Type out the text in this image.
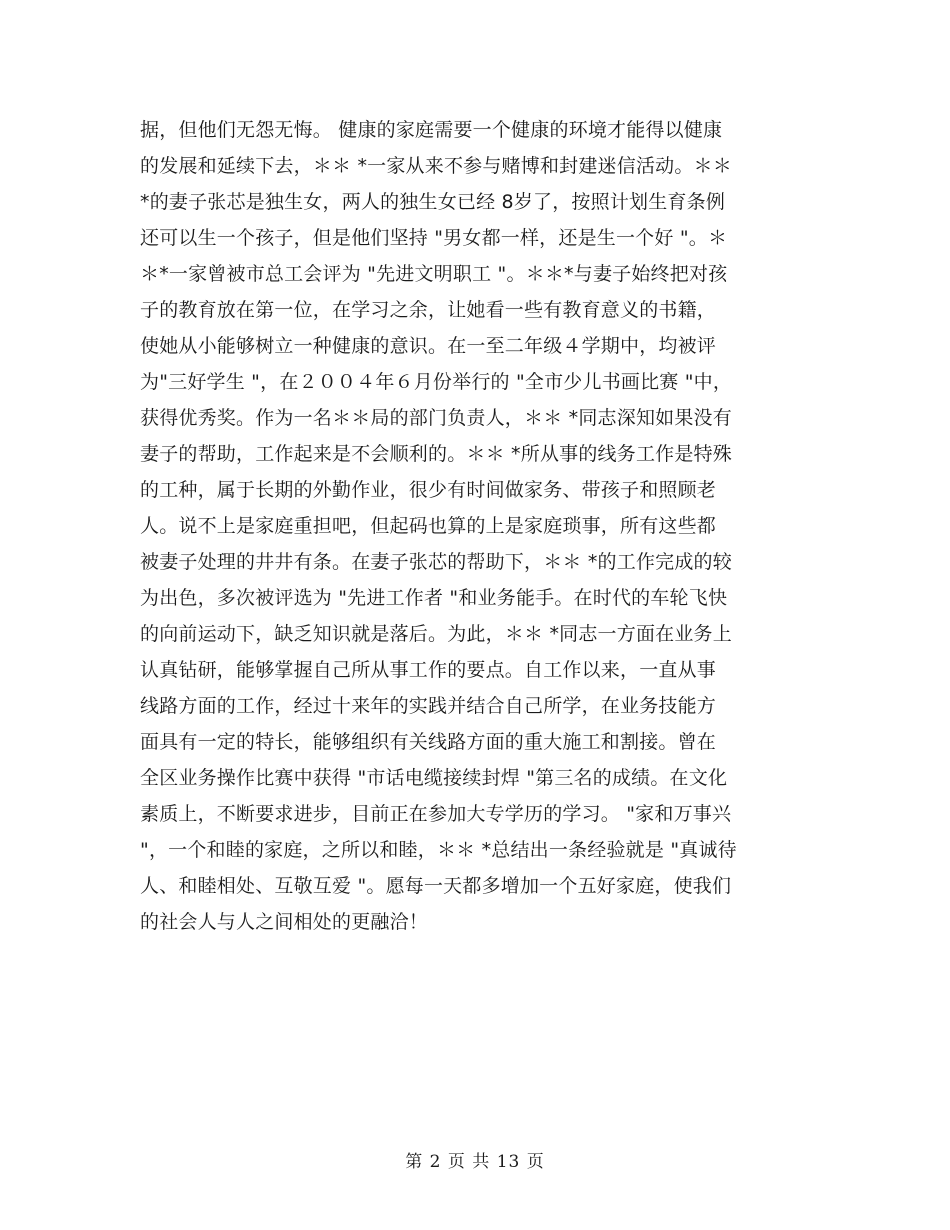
据，但他们无怨无悔。 健康的家庭需要一个健康的环境才能得以健康
的发展和延续下去，＊＊ *一家从来不参与赌博和封建迷信活动。＊＊
*的妻子张芯是独生女，两人的独生女已经 8岁了，按照计划生育条例
还可以生一个孩子，但是他们坚持 "男女都一样，还是生一个好 "。＊
＊*一家曾被市总工会评为 "先进文明职工 "。＊＊*与妻子始终把对孩
子的教育放在第一位，在学习之余，让她看一些有教育意义的书籍，
使她从小能够树立一种健康的意识。在一至二年级４学期中，均被评
为"三好学生 "，在２００４年６月份举行的 "全市少儿书画比赛 "中，
获得优秀奖。作为一名＊＊局的部门负责人，＊＊ *同志深知如果没有
妻子的帮助，工作起来是不会顺利的。＊＊ *所从事的线务工作是特殊
的工种，属于长期的外勤作业，很少有时间做家务、带孩子和照顾老
人。说不上是家庭重担吧，但起码也算的上是家庭琐事，所有这些都
被妻子处理的井井有条。在妻子张芯的帮助下，＊＊ *的工作完成的较
为出色，多次被评选为 "先进工作者 "和业务能手。在时代的车轮飞快
的向前运动下，缺乏知识就是落后。为此，＊＊ *同志一方面在业务上
认真钻研，能够掌握自己所从事工作的要点。自工作以来，一直从事
线路方面的工作，经过十来年的实践并结合自己所学，在业务技能方
面具有一定的特长，能够组织有关线路方面的重大施工和割接。曾在
全区业务操作比赛中获得 "市话电缆接续封焊 "第三名的成绩。在文化
素质上，不断要求进步，目前正在参加大专学历的学习。 "家和万事兴
"，一个和睦的家庭，之所以和睦，＊＊ *总结出一条经验就是 "真诚待
人、和睦相处、互敬互爱 "。愿每一天都多增加一个五好家庭，使我们
的社会人与人之间相处的更融洽！
第 2 页 共 13 页
